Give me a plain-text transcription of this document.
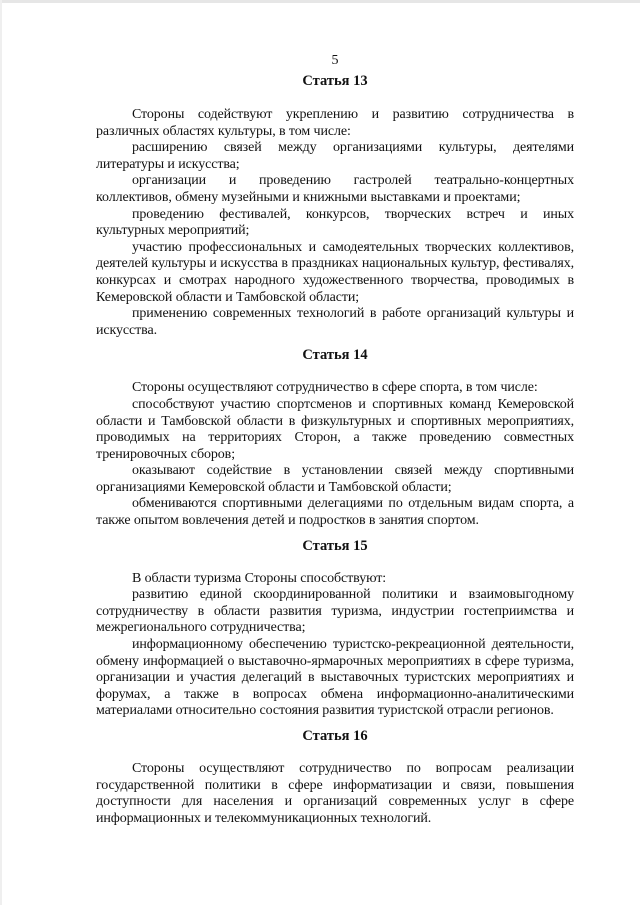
5
Статья 13

Стороны содействуют укреплению и развитию сотрудничества в различных областях культуры, в том числе:

расширению связей между организациями культуры, деятелями литературы и искусства;

организации и проведению гастролей театрально-концертных коллективов, обмену музейными и книжными выставками и проектами;

проведению фестивалей, конкурсов, творческих встреч и иных культурных мероприятий;

участию профессиональных и самодеятельных творческих коллективов, деятелей культуры и искусства в праздниках национальных культур, фестивалях, конкурсах и смотрах народного художественного творчества, проводимых в Кемеровской области и Тамбовской области;

применению современных технологий в работе организаций культуры и искусства.

Статья 14

Стороны осуществляют сотрудничество в сфере спорта, в том числе:

способствуют участию спортсменов и спортивных команд Кемеровской области и Тамбовской области в физкультурных и спортивных мероприятиях, проводимых на территориях Сторон, а также проведению совместных тренировочных сборов;

оказывают содействие в установлении связей между спортивными организациями Кемеровской области и Тамбовской области;

обмениваются спортивными делегациями по отдельным видам спорта, а также опытом вовлечения детей и подростков в занятия спортом.

Статья 15

В области туризма Стороны способствуют:

развитию единой скоординированной политики и взаимовыгодному сотрудничеству в области развития туризма, индустрии гостеприимства и межрегионального сотрудничества;

информационному обеспечению туристско-рекреационной деятельности, обмену информацией о выставочно-ярмарочных мероприятиях в сфере туризма, организации и участия делегаций в выставочных туристских мероприятиях и форумах, а также в вопросах обмена информационно-аналитическими материалами относительно состояния развития туристской отрасли регионов.

Статья 16

Стороны осуществляют сотрудничество по вопросам реализации государственной политики в сфере информатизации и связи, повышения доступности для населения и организаций современных услуг в сфере информационных и телекоммуникационных технологий.
